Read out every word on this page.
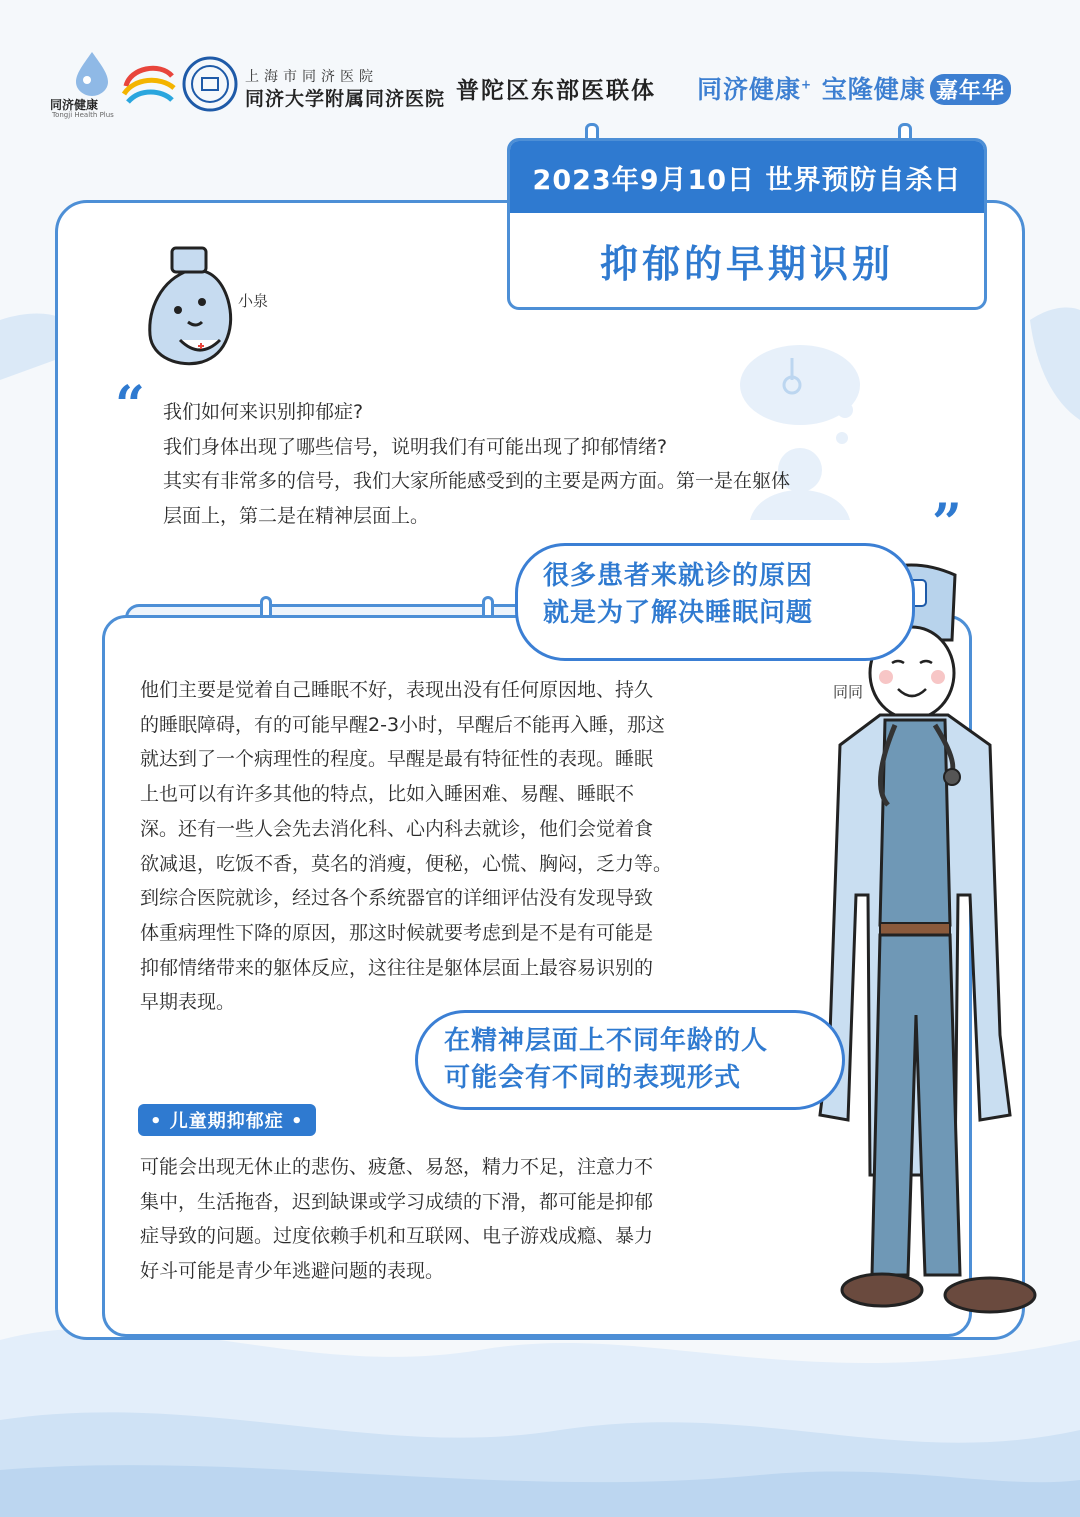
同济健康
Tongji Health Plus
上海市同济医院
同济大学附属同济医院 普陀区东部医联体 同济健康+ 宝隆健康 嘉年华
2023年9月10日 世界预防自杀日
抑郁的早期识别
小泉
“ 我们如何来识别抑郁症?
我们身体出现了哪些信号，说明我们有可能出现了抑郁情绪?
其实有非常多的信号，我们大家所能感受到的主要是两方面。第一是在躯体
层面上，第二是在精神层面上。	”
同同
很多患者来就诊的原因
就是为了解决睡眠问题
他们主要是觉着自己睡眠不好，表现出没有任何原因地、持久
的睡眠障碍，有的可能早醒2-3小时，早醒后不能再入睡，那这
就达到了一个病理性的程度。早醒是最有特征性的表现。睡眠
上也可以有许多其他的特点，比如入睡困难、易醒、睡眠不
深。还有一些人会先去消化科、心内科去就诊，他们会觉着食
欲减退，吃饭不香，莫名的消瘦，便秘，心慌、胸闷，乏力等。
到综合医院就诊，经过各个系统器官的详细评估没有发现导致
体重病理性下降的原因，那这时候就要考虑到是不是有可能是
抑郁情绪带来的躯体反应，这往往是躯体层面上最容易识别的
早期表现。
在精神层面上不同年龄的人
可能会有不同的表现形式
• 儿童期抑郁症 •
可能会出现无休止的悲伤、疲惫、易怒，精力不足，注意力不
集中，生活拖沓，迟到缺课或学习成绩的下滑，都可能是抑郁
症导致的问题。过度依赖手机和互联网、电子游戏成瘾、暴力
好斗可能是青少年逃避问题的表现。
